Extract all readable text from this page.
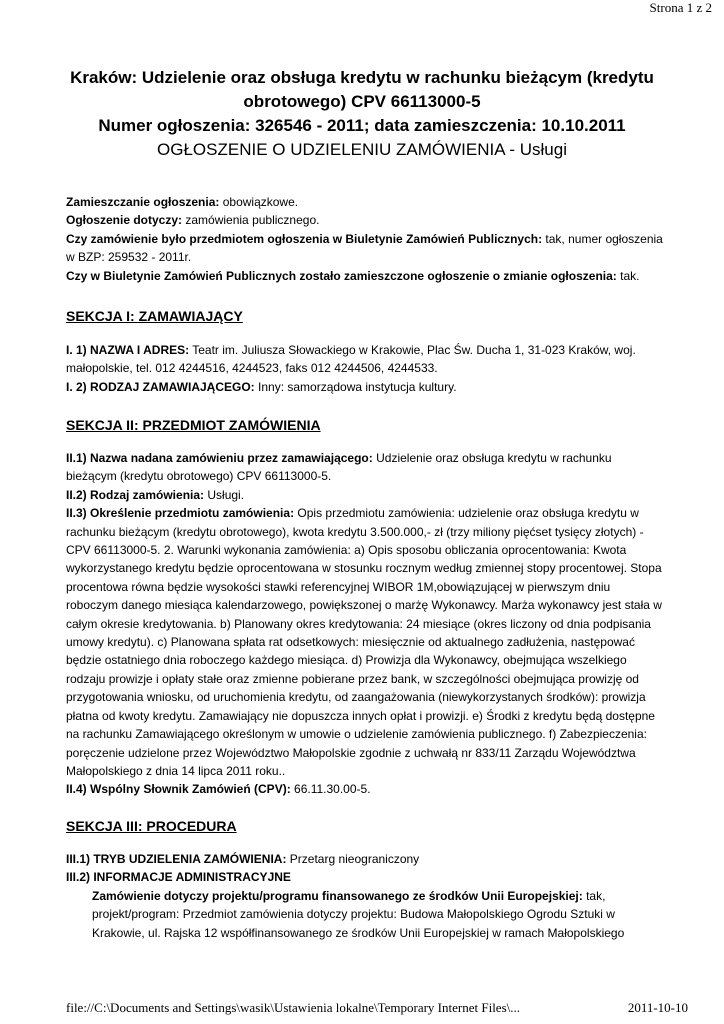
Strona 1 z 2
Kraków: Udzielenie oraz obsługa kredytu w rachunku bieżącym (kredytu
obrotowego) CPV 66113000-5
Numer ogłoszenia: 326546 - 2011; data zamieszczenia: 10.10.2011
OGŁOSZENIE O UDZIELENIU ZAMÓWIENIA - Usługi
Zamieszczanie ogłoszenia: obowiązkowe.
Ogłoszenie dotyczy: zamówienia publicznego.
Czy zamówienie było przedmiotem ogłoszenia w Biuletynie Zamówień Publicznych: tak, numer ogłoszenia w BZP: 259532 - 2011r.
Czy w Biuletynie Zamówień Publicznych zostało zamieszczone ogłoszenie o zmianie ogłoszenia: tak.
SEKCJA I: ZAMAWIAJĄCY
I. 1) NAZWA I ADRES: Teatr im. Juliusza Słowackiego w Krakowie, Plac Św. Ducha 1, 31-023 Kraków, woj. małopolskie, tel. 012 4244516, 4244523, faks 012 4244506, 4244533.
I. 2) RODZAJ ZAMAWIAJĄCEGO: Inny: samorządowa instytucja kultury.
SEKCJA II: PRZEDMIOT ZAMÓWIENIA
II.1) Nazwa nadana zamówieniu przez zamawiającego: Udzielenie oraz obsługa kredytu w rachunku bieżącym (kredytu obrotowego) CPV 66113000-5.
II.2) Rodzaj zamówienia: Usługi.
II.3) Określenie przedmiotu zamówienia: Opis przedmiotu zamówienia: udzielenie oraz obsługa kredytu w rachunku bieżącym (kredytu obrotowego), kwota kredytu 3.500.000,- zł (trzy miliony pięćset tysięcy złotych) - CPV 66113000-5. 2. Warunki wykonania zamówienia: a) Opis sposobu obliczania oprocentowania: Kwota wykorzystanego kredytu będzie oprocentowana w stosunku rocznym według zmiennej stopy procentowej. Stopa procentowa równa będzie wysokości stawki referencyjnej WIBOR 1M,obowiązującej w pierwszym dniu roboczym danego miesiąca kalendarzowego, powiększonej o marżę Wykonawcy. Marża wykonawcy jest stała w całym okresie kredytowania. b) Planowany okres kredytowania: 24 miesiące (okres liczony od dnia podpisania umowy kredytu). c) Planowana spłata rat odsetkowych: miesięcznie od aktualnego zadłużenia, następować będzie ostatniego dnia roboczego każdego miesiąca. d) Prowizja dla Wykonawcy, obejmująca wszelkiego rodzaju prowizje i opłaty stałe oraz zmienne pobierane przez bank, w szczególności obejmująca prowizję od przygotowania wniosku, od uruchomienia kredytu, od zaangażowania (niewykorzystanych środków): prowizja płatna od kwoty kredytu. Zamawiający nie dopuszcza innych opłat i prowizji. e) Środki z kredytu będą dostępne na rachunku Zamawiającego określonym w umowie o udzielenie zamówienia publicznego. f) Zabezpieczenia: poręczenie udzielone przez Województwo Małopolskie zgodnie z uchwałą nr 833/11 Zarządu Województwa Małopolskiego z dnia 14 lipca 2011 roku..
II.4) Wspólny Słownik Zamówień (CPV): 66.11.30.00-5.
SEKCJA III: PROCEDURA
III.1) TRYB UDZIELENIA ZAMÓWIENIA: Przetarg nieograniczony
III.2) INFORMACJE ADMINISTRACYJNE
Zamówienie dotyczy projektu/programu finansowanego ze środków Unii Europejskiej: tak, projekt/program: Przedmiot zamówienia dotyczy projektu: Budowa Małopolskiego Ogrodu Sztuki w Krakowie, ul. Rajska 12 współfinansowanego ze środków Unii Europejskiej w ramach Małopolskiego
file://C:\Documents and Settings\wasik\Ustawienia lokalne\Temporary Internet Files\...	2011-10-10
